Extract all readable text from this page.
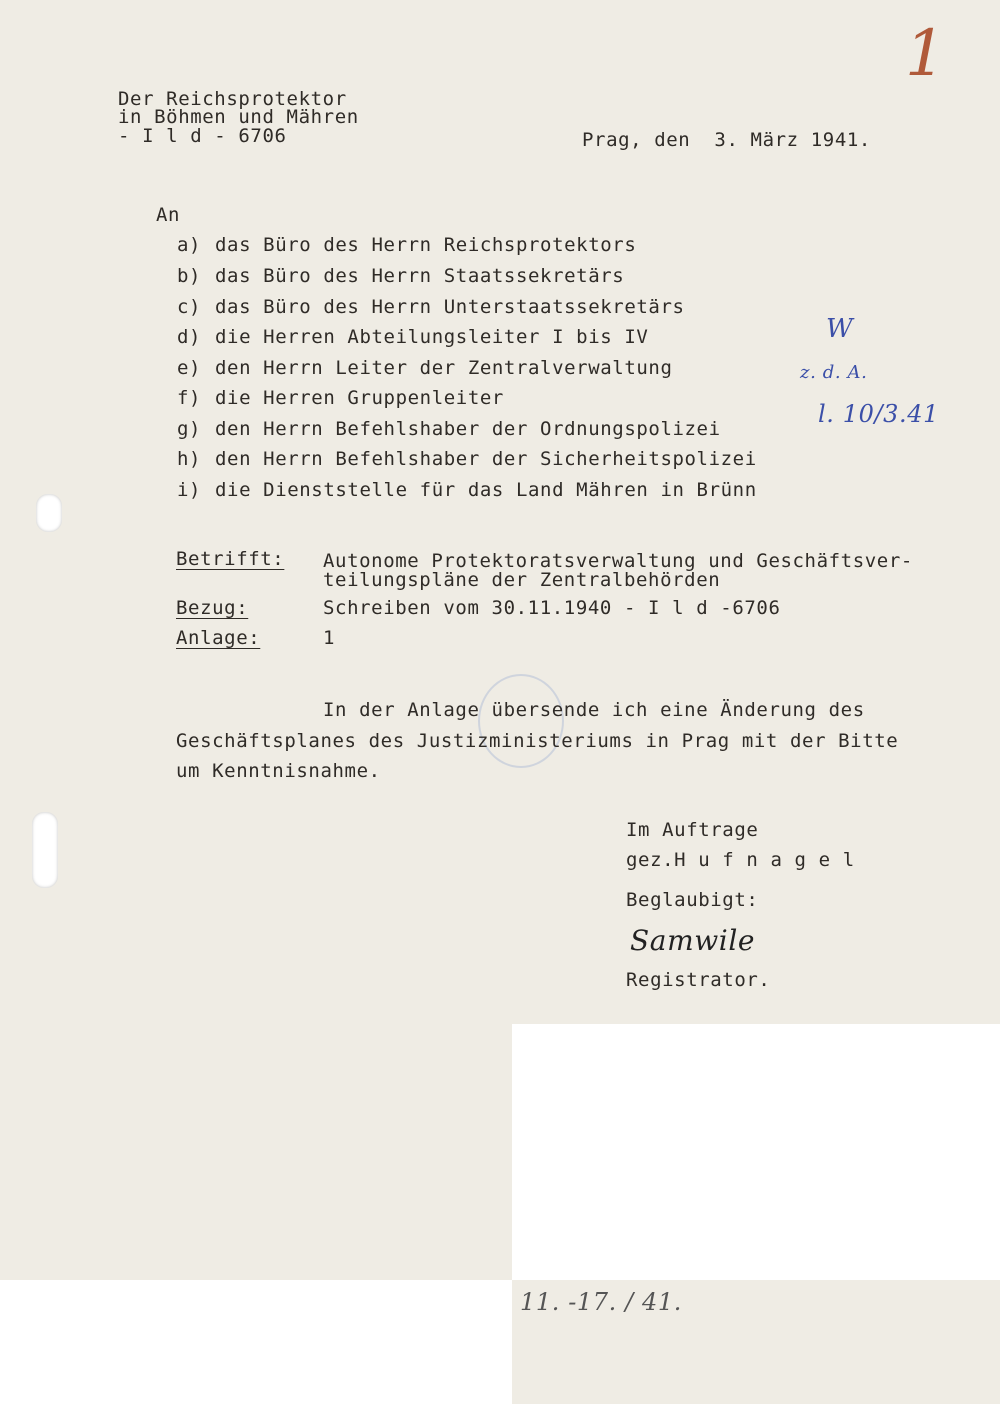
1
Der Reichsprotektor
in Böhmen und Mähren
- I l d - 6706	Prag, den  3. März 1941.
An
a) das Büro des Herrn Reichsprotektors
b) das Büro des Herrn Staatssekretärs
c) das Büro des Herrn Unterstaatssekretärs
d) die Herren Abteilungsleiter I bis IV
e) den Herrn Leiter der Zentralverwaltung
f) die Herren Gruppenleiter
g) den Herrn Befehlshaber der Ordnungspolizei
h) den Herrn Befehlshaber der Sicherheitspolizei
i) die Dienststelle für das Land Mähren in Brünn
W
z. d. A.
l. 10/3.41
Betrifft: Autonome Protektoratsverwaltung und Geschäftsver-
teilungspläne der Zentralbehörden
Bezug:	Schreiben vom 30.11.1940 - I l d -6706
Anlage:	1
In der Anlage übersende ich eine Änderung des
Geschäftsplanes des Justizministeriums in Prag mit der Bitte
um Kenntnisnahme.
Im Auftrage
gez.H u f n a g e l
Beglaubigt:
Samwile
Registrator.
11. -17. / 41.
